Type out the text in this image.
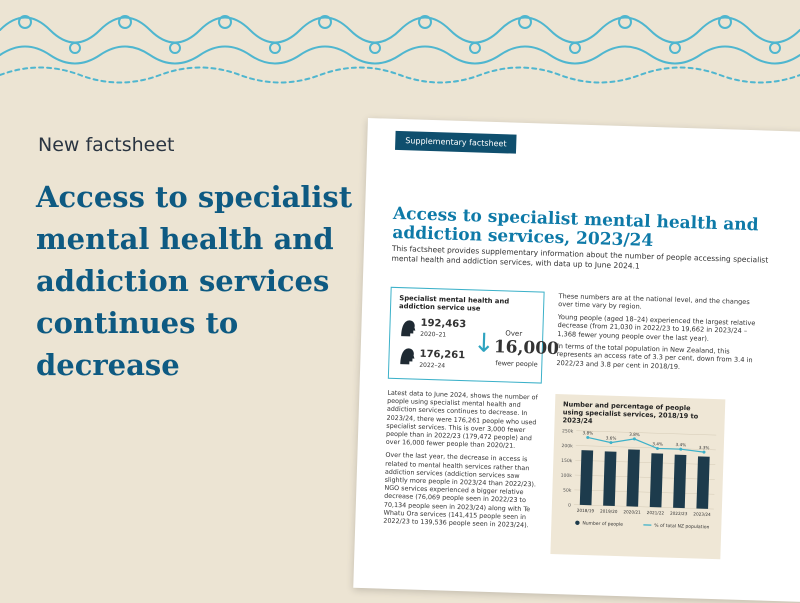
New factsheet
Access to specialist mental health and addiction services continues to decrease
Supplementary factsheet
Access to specialist mental health and addiction services, 2023/24
This factsheet provides supplementary information about the number of people accessing specialist mental health and addiction services, with data up to June 2024.1
Specialist mental health and addiction service use
192,463
2020–21
176,261
2022–24
↓ Over
16,000
fewer people

These numbers are at the national level, and the changes over time vary by region.

Young people (aged 18–24) experienced the largest relative decrease (from 21,030 in 2022/23 to 19,662 in 2023/24 – 1,368 fewer young people over the last year).

In terms of the total population in New Zealand, this represents an access rate of 3.3 per cent, down from 3.4 in 2022/23 and 3.8 per cent in 2018/19.

Latest data to June 2024, shows the number of people using specialist mental health and addiction services continues to decrease. In 2023/24, there were 176,261 people who used specialist services. This is over 3,000 fewer people than in 2022/23 (179,472 people) and over 16,000 fewer people than 2020/21.

Over the last year, the decrease in access is related to mental health services rather than addiction services (addiction services saw slightly more people in 2023/24 than 2022/23). NGO services experienced a bigger relative decrease (76,069 people seen in 2022/23 to 70,134 people seen in 2023/24) along with Te Whatu Ora services (141,415 people seen in 2022/23 to 139,536 people seen in 2023/24).

Number and percentage of people using specialist services, 2018/19 to 2023/24
250k
200k
150k
100k
50k
0
2018/19 2019/20 2020/21 2021/22 2022/23 2023/24
3.8%
3.6%
3.8%
3.4%	3.4%
3.3%
Number of people	% of total NZ population
